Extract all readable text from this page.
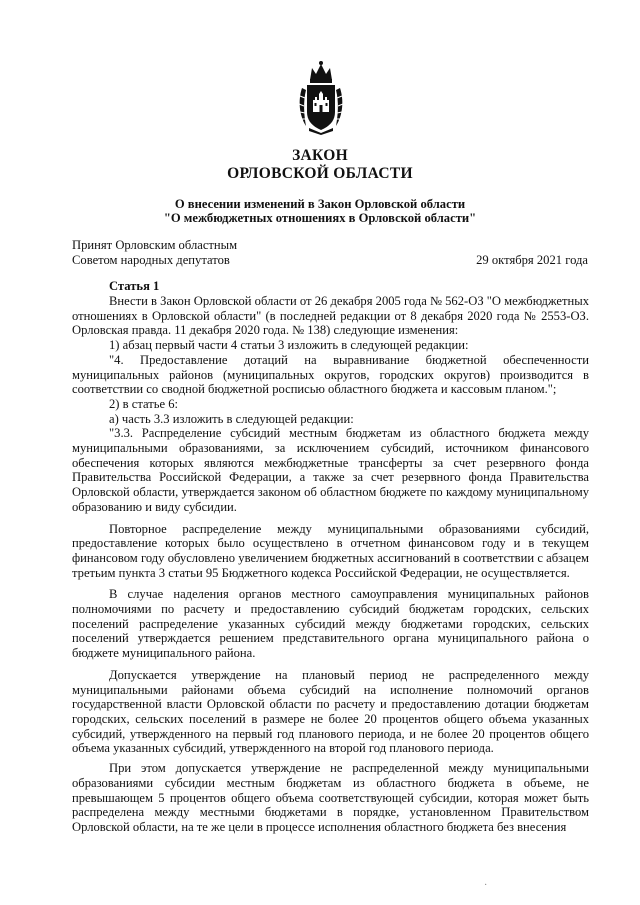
ЗАКОН
ОРЛОВСКОЙ ОБЛАСТИ
О внесении изменений в Закон Орловской области
"О межбюджетных отношениях в Орловской области"
Принят Орловским областным
Советом народных депутатов	29 октября 2021 года
Статья 1

Внести в Закон Орловской области от 26 декабря 2005 года № 562-ОЗ "О межбюджетных отношениях в Орловской области" (в последней редакции от 8 декабря 2020 года № 2553-ОЗ. Орловская правда. 11 декабря 2020 года. № 138) следующие изменения:

1) абзац первый части 4 статьи 3 изложить в следующей редакции:

"4. Предоставление дотаций на выравнивание бюджетной обеспеченности муниципальных районов (муниципальных округов, городских округов) производится в соответствии со сводной бюджетной росписью областного бюджета и кассовым планом.";

2) в статье 6:

а) часть 3.3 изложить в следующей редакции:

"3.3. Распределение субсидий местным бюджетам из областного бюджета между муниципальными образованиями, за исключением субсидий, источником финансового обеспечения которых являются межбюджетные трансферты за счет резервного фонда Правительства Российской Федерации, а также за счет резервного фонда Правительства Орловской области, утверждается законом об областном бюджете по каждому муниципальному образованию и виду субсидии.

Повторное распределение между муниципальными образованиями субсидий, предоставление которых было осуществлено в отчетном финансовом году и в текущем финансовом году обусловлено увеличением бюджетных ассигнований в соответствии с абзацем третьим пункта 3 статьи 95 Бюджетного кодекса Российской Федерации, не осуществляется.

В случае наделения органов местного самоуправления муниципальных районов полномочиями по расчету и предоставлению субсидий бюджетам городских, сельских поселений распределение указанных субсидий между бюджетами городских, сельских поселений утверждается решением представительного органа муниципального района о бюджете муниципального района.

Допускается утверждение на плановый период не распределенного между муниципальными районами объема субсидий на исполнение полномочий органов государственной власти Орловской области по расчету и предоставлению дотации бюджетам городских, сельских поселений в размере не более 20 процентов общего объема указанных субсидий, утвержденного на первый год планового периода, и не более 20 процентов общего объема указанных субсидий, утвержденного на второй год планового периода.

При этом допускается утверждение не распределенной между муниципальными образованиями субсидии местным бюджетам из областного бюджета в объеме, не превышающем 5 процентов общего объема соответствующей субсидии, которая может быть распределена между местными бюджетами в порядке, установленном Правительством Орловской области, на те же цели в процессе исполнения областного бюджета без внесения

·
